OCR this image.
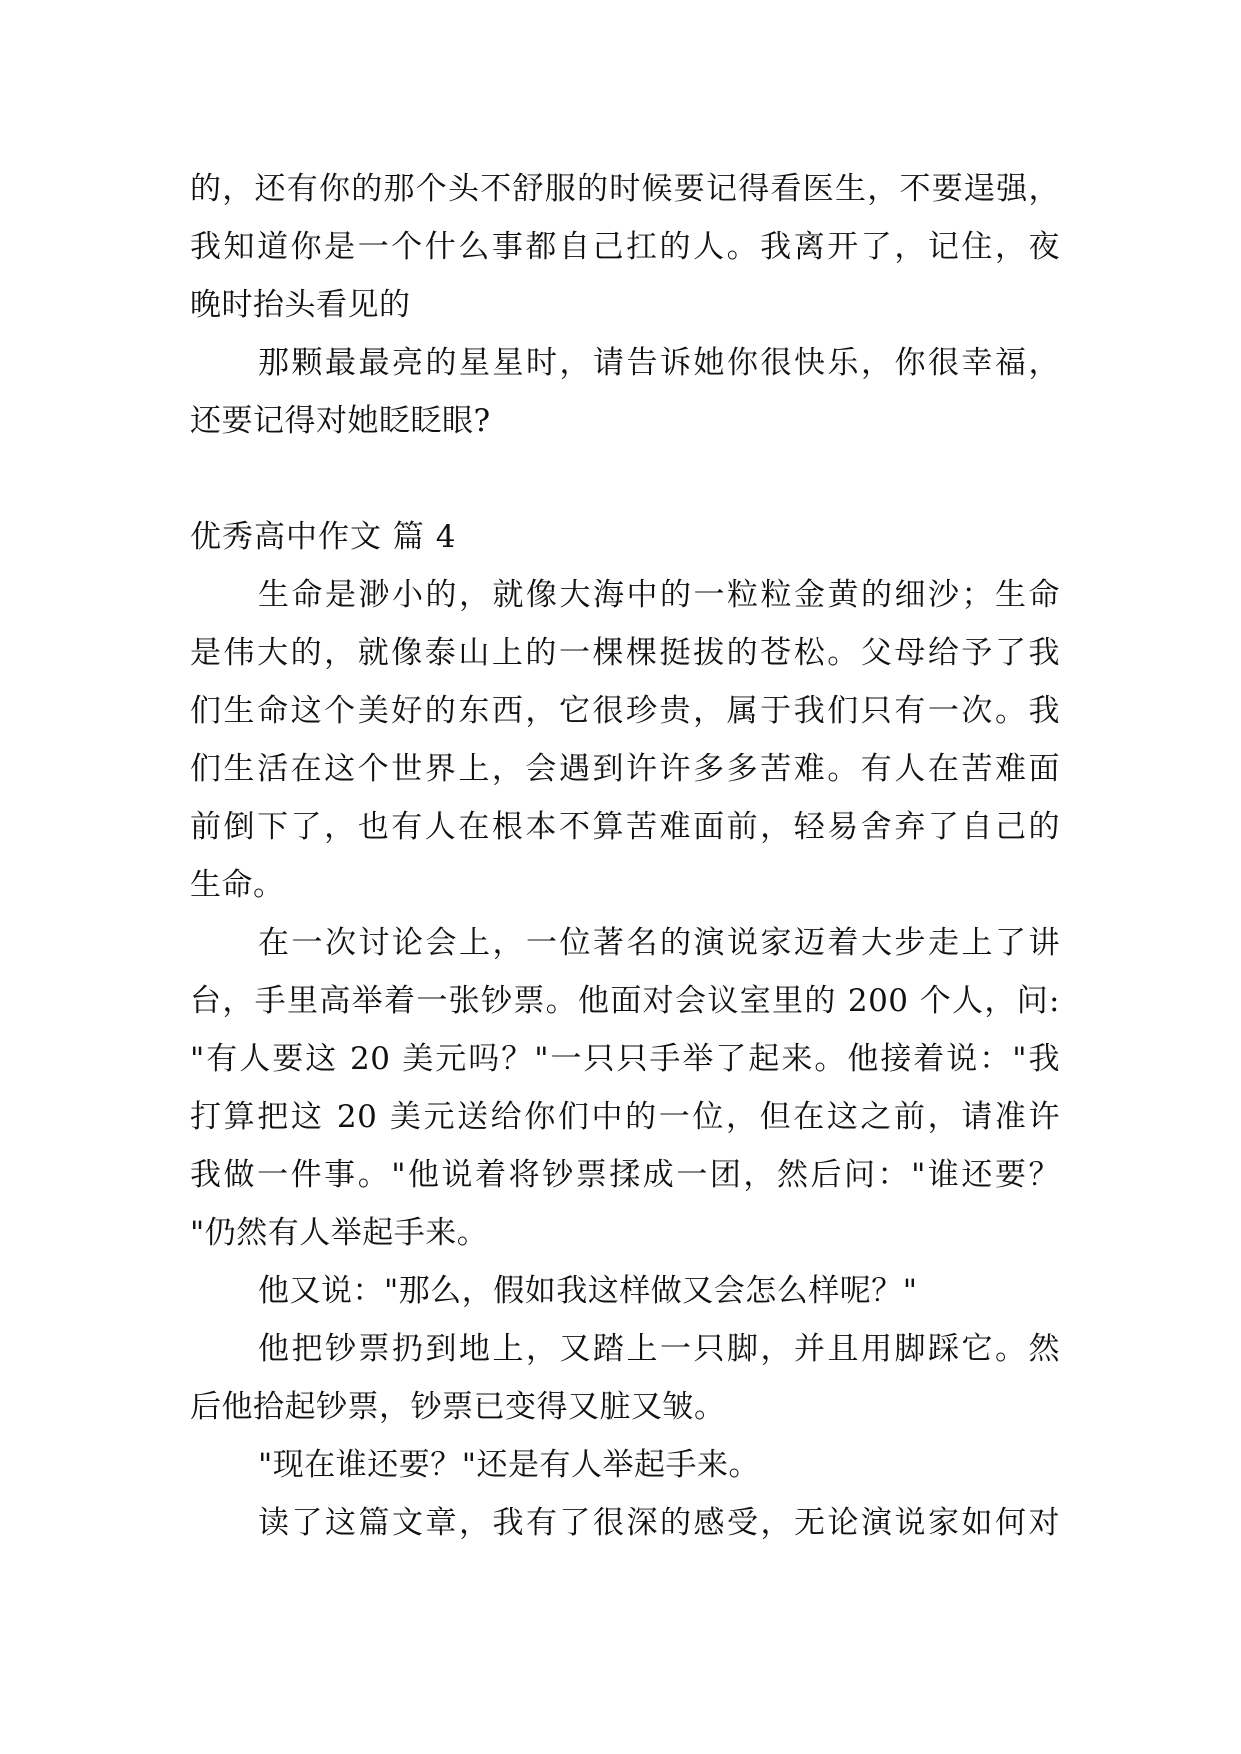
的，还有你的那个头不舒服的时候要记得看医生，不要逞强，
我知道你是一个什么事都自己扛的人。我离开了，记住，夜
晚时抬头看见的
那颗最最亮的星星时，请告诉她你很快乐，你很幸福，
还要记得对她眨眨眼?
优秀高中作文 篇 4
生命是渺小的，就像大海中的一粒粒金黄的细沙；生命
是伟大的，就像泰山上的一棵棵挺拔的苍松。父母给予了我
们生命这个美好的东西，它很珍贵，属于我们只有一次。我
们生活在这个世界上，会遇到许许多多苦难。有人在苦难面
前倒下了，也有人在根本不算苦难面前，轻易舍弃了自己的
生命。
在一次讨论会上，一位著名的演说家迈着大步走上了讲
台，手里高举着一张钞票。他面对会议室里的 200 个人，问:
"有人要这 20 美元吗？"一只只手举了起来。他接着说："我
打算把这 20 美元送给你们中的一位，但在这之前，请准许
我做一件事。"他说着将钞票揉成一团，然后问："谁还要？
"仍然有人举起手来。
他又说："那么，假如我这样做又会怎么样呢？"
他把钞票扔到地上，又踏上一只脚，并且用脚踩它。然
后他拾起钞票，钞票已变得又脏又皱。
"现在谁还要？"还是有人举起手来。
读了这篇文章，我有了很深的感受，无论演说家如何对
